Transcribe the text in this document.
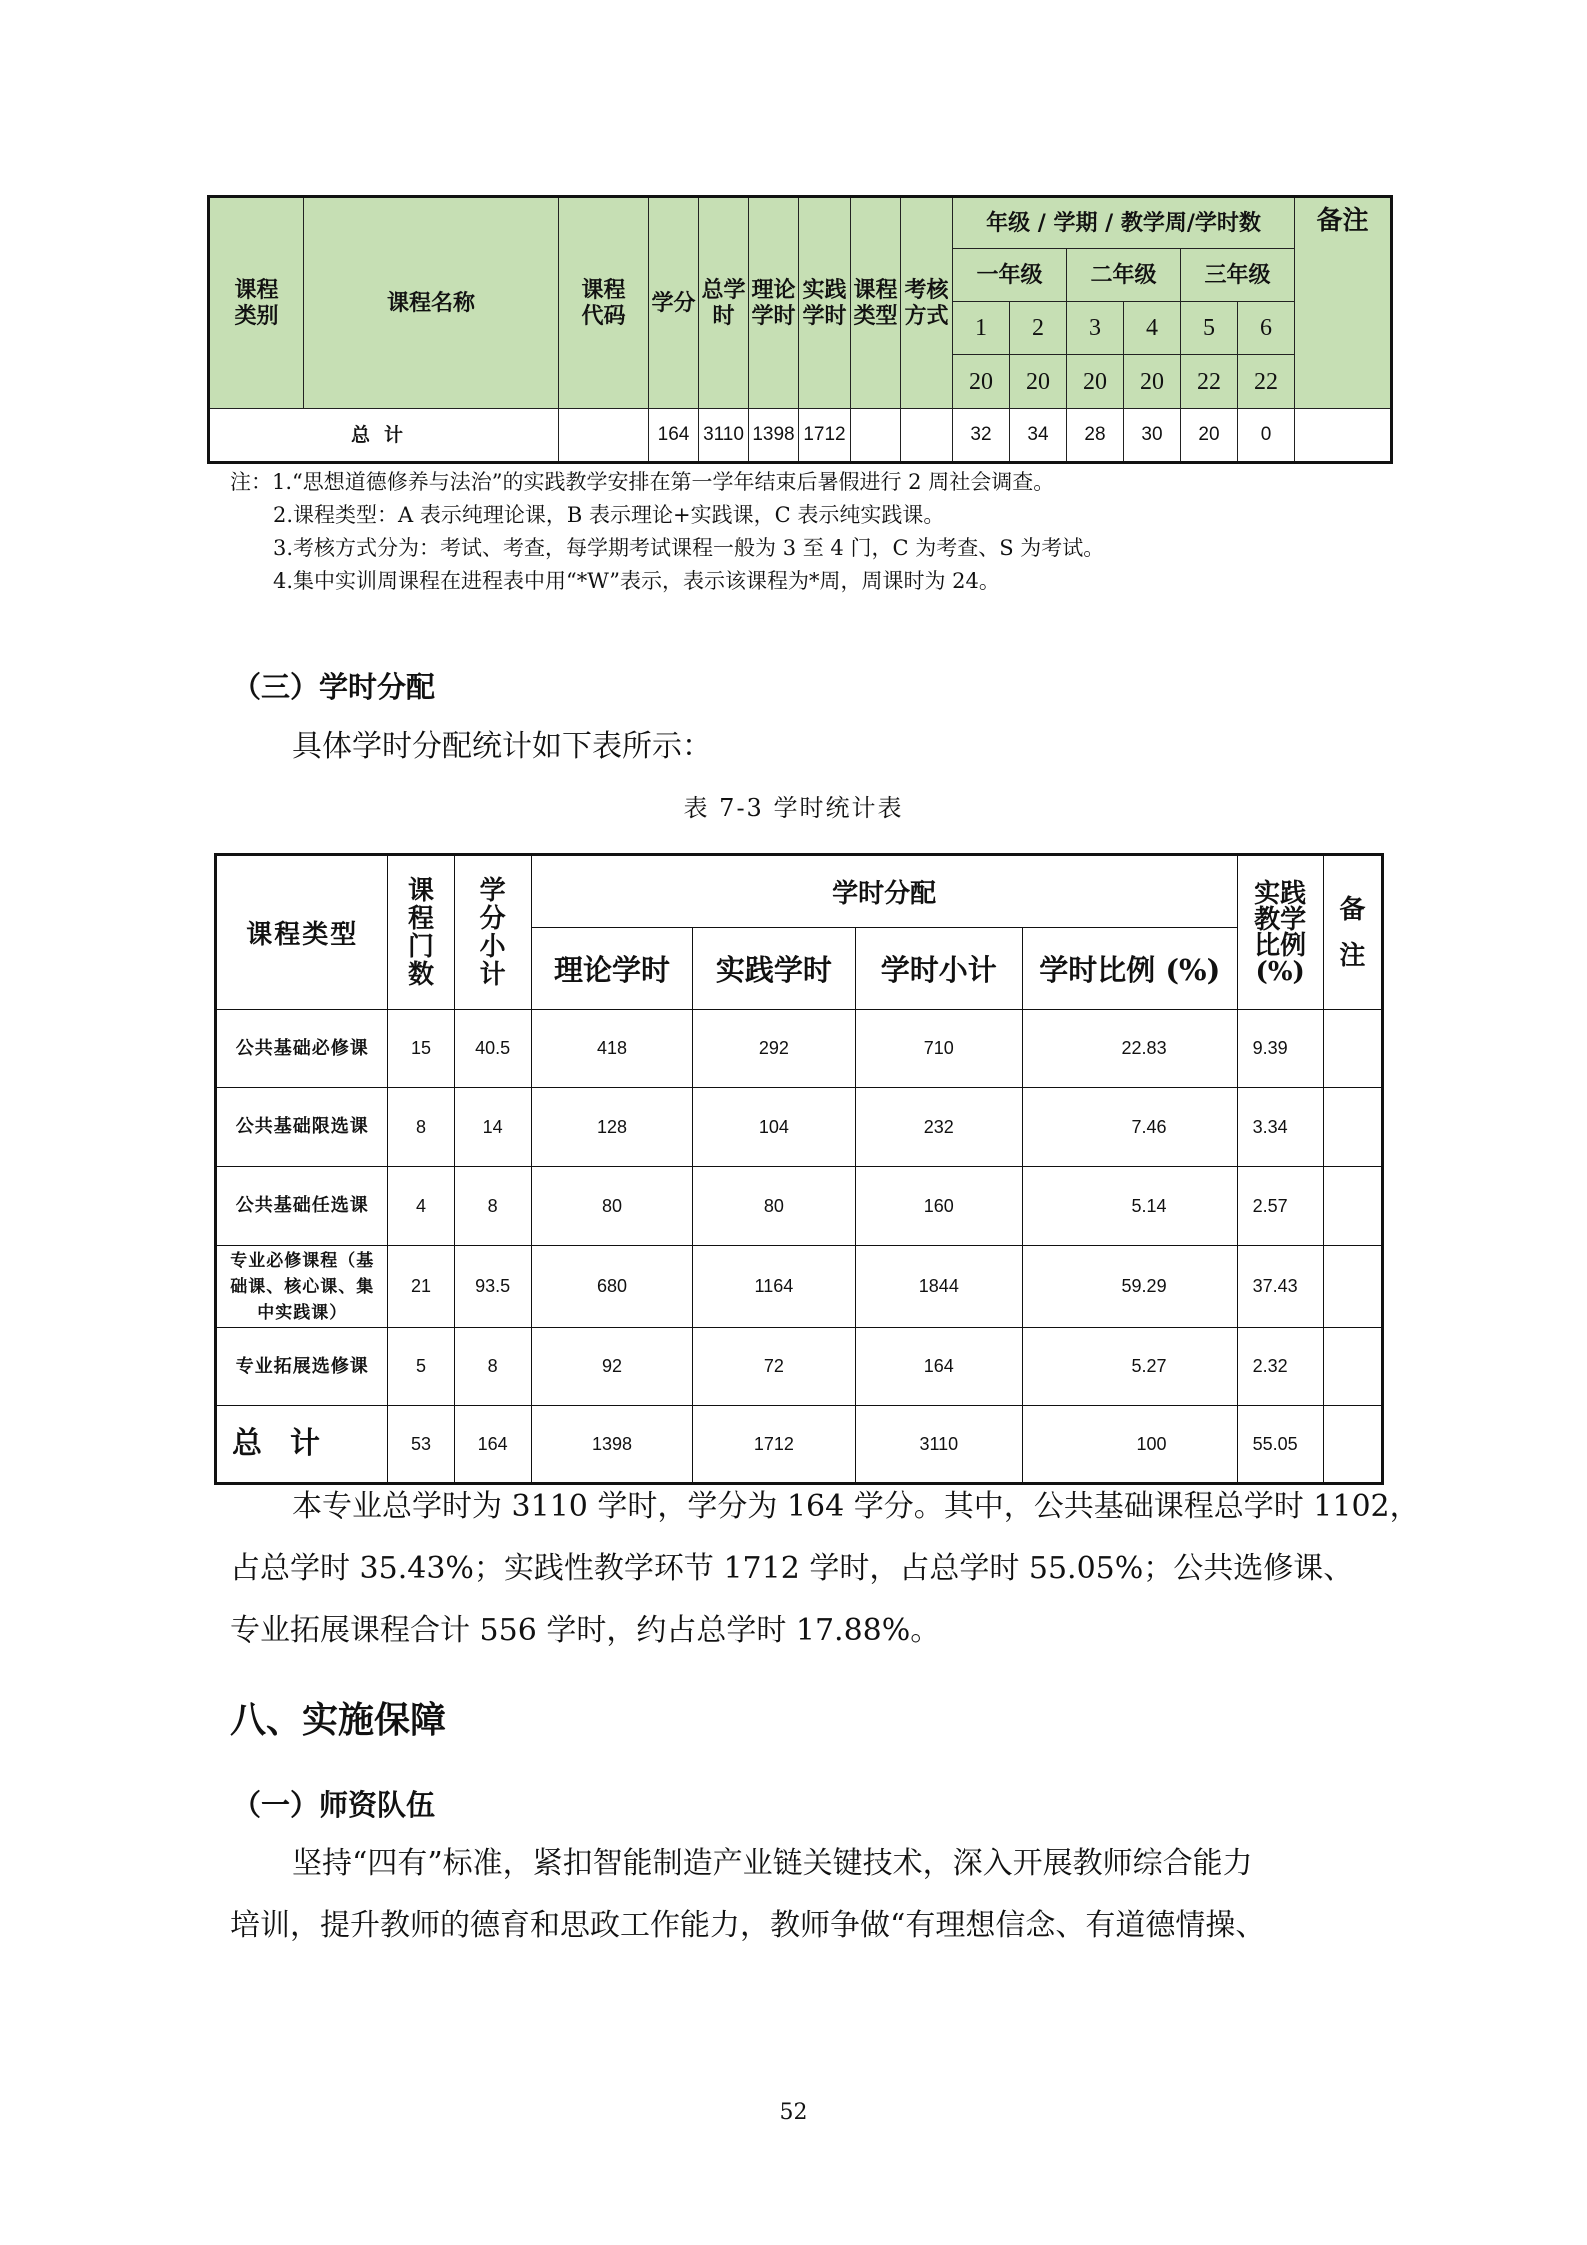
课程类别	课程名称	课程代码	学分	总学时	理论学时	实践学时	课程类型	考核方式	年级 / 学期 / 教学周/学时数						备注
									一年级		二年级		三年级		
									1	2	3	4	5	6	
									20	20	20	20	22	22	
总计			164	3110	1398	1712			32	34	28	30	20	0	
注：1.“思想道德修养与法治”的实践教学安排在第一学年结束后暑假进行 2 周社会调查。
2.课程类型：A 表示纯理论课，B 表示理论+实践课，C 表示纯实践课。
3.考核方式分为：考试、考查，每学期考试课程一般为 3 至 4 门，C 为考查、S 为考试。
4.集中实训周课程在进程表中用“*W”表示，表示该课程为*周，周课时为 24。
（三）学时分配
具体学时分配统计如下表所示：
表 7-3 学时统计表
课程类型	课程门数	学分小计	学时分配				实践教学比例(%)	备注

			理论学时	实践学时	学时小计	学时比例 (%)		
公共基础必修课	15	40.5	418	292	710	22.83	9.39	
公共基础限选课	8	14	128	104	232	7.46	3.34	
公共基础任选课	4	8	80	80	160	5.14	2.57	
专业必修课程（基础课、核心课、集中实践课）	21	93.5	680	1164	1844	59.29	37.43	
专业拓展选修课	5	8	92	72	164	5.27	2.32	
总计	53	164	1398	1712	3110	100	55.05	
本专业总学时为 3110 学时，学分为 164 学分。其中，公共基础课程总学时 1102，
占总学时 35.43%；实践性教学环节 1712 学时，占总学时 55.05%；公共选修课、
专业拓展课程合计 556 学时，约占总学时 17.88%。
八、实施保障
（一）师资队伍
坚持“四有”标准，紧扣智能制造产业链关键技术，深入开展教师综合能力
培训，提升教师的德育和思政工作能力，教师争做“有理想信念、有道德情操、
52
